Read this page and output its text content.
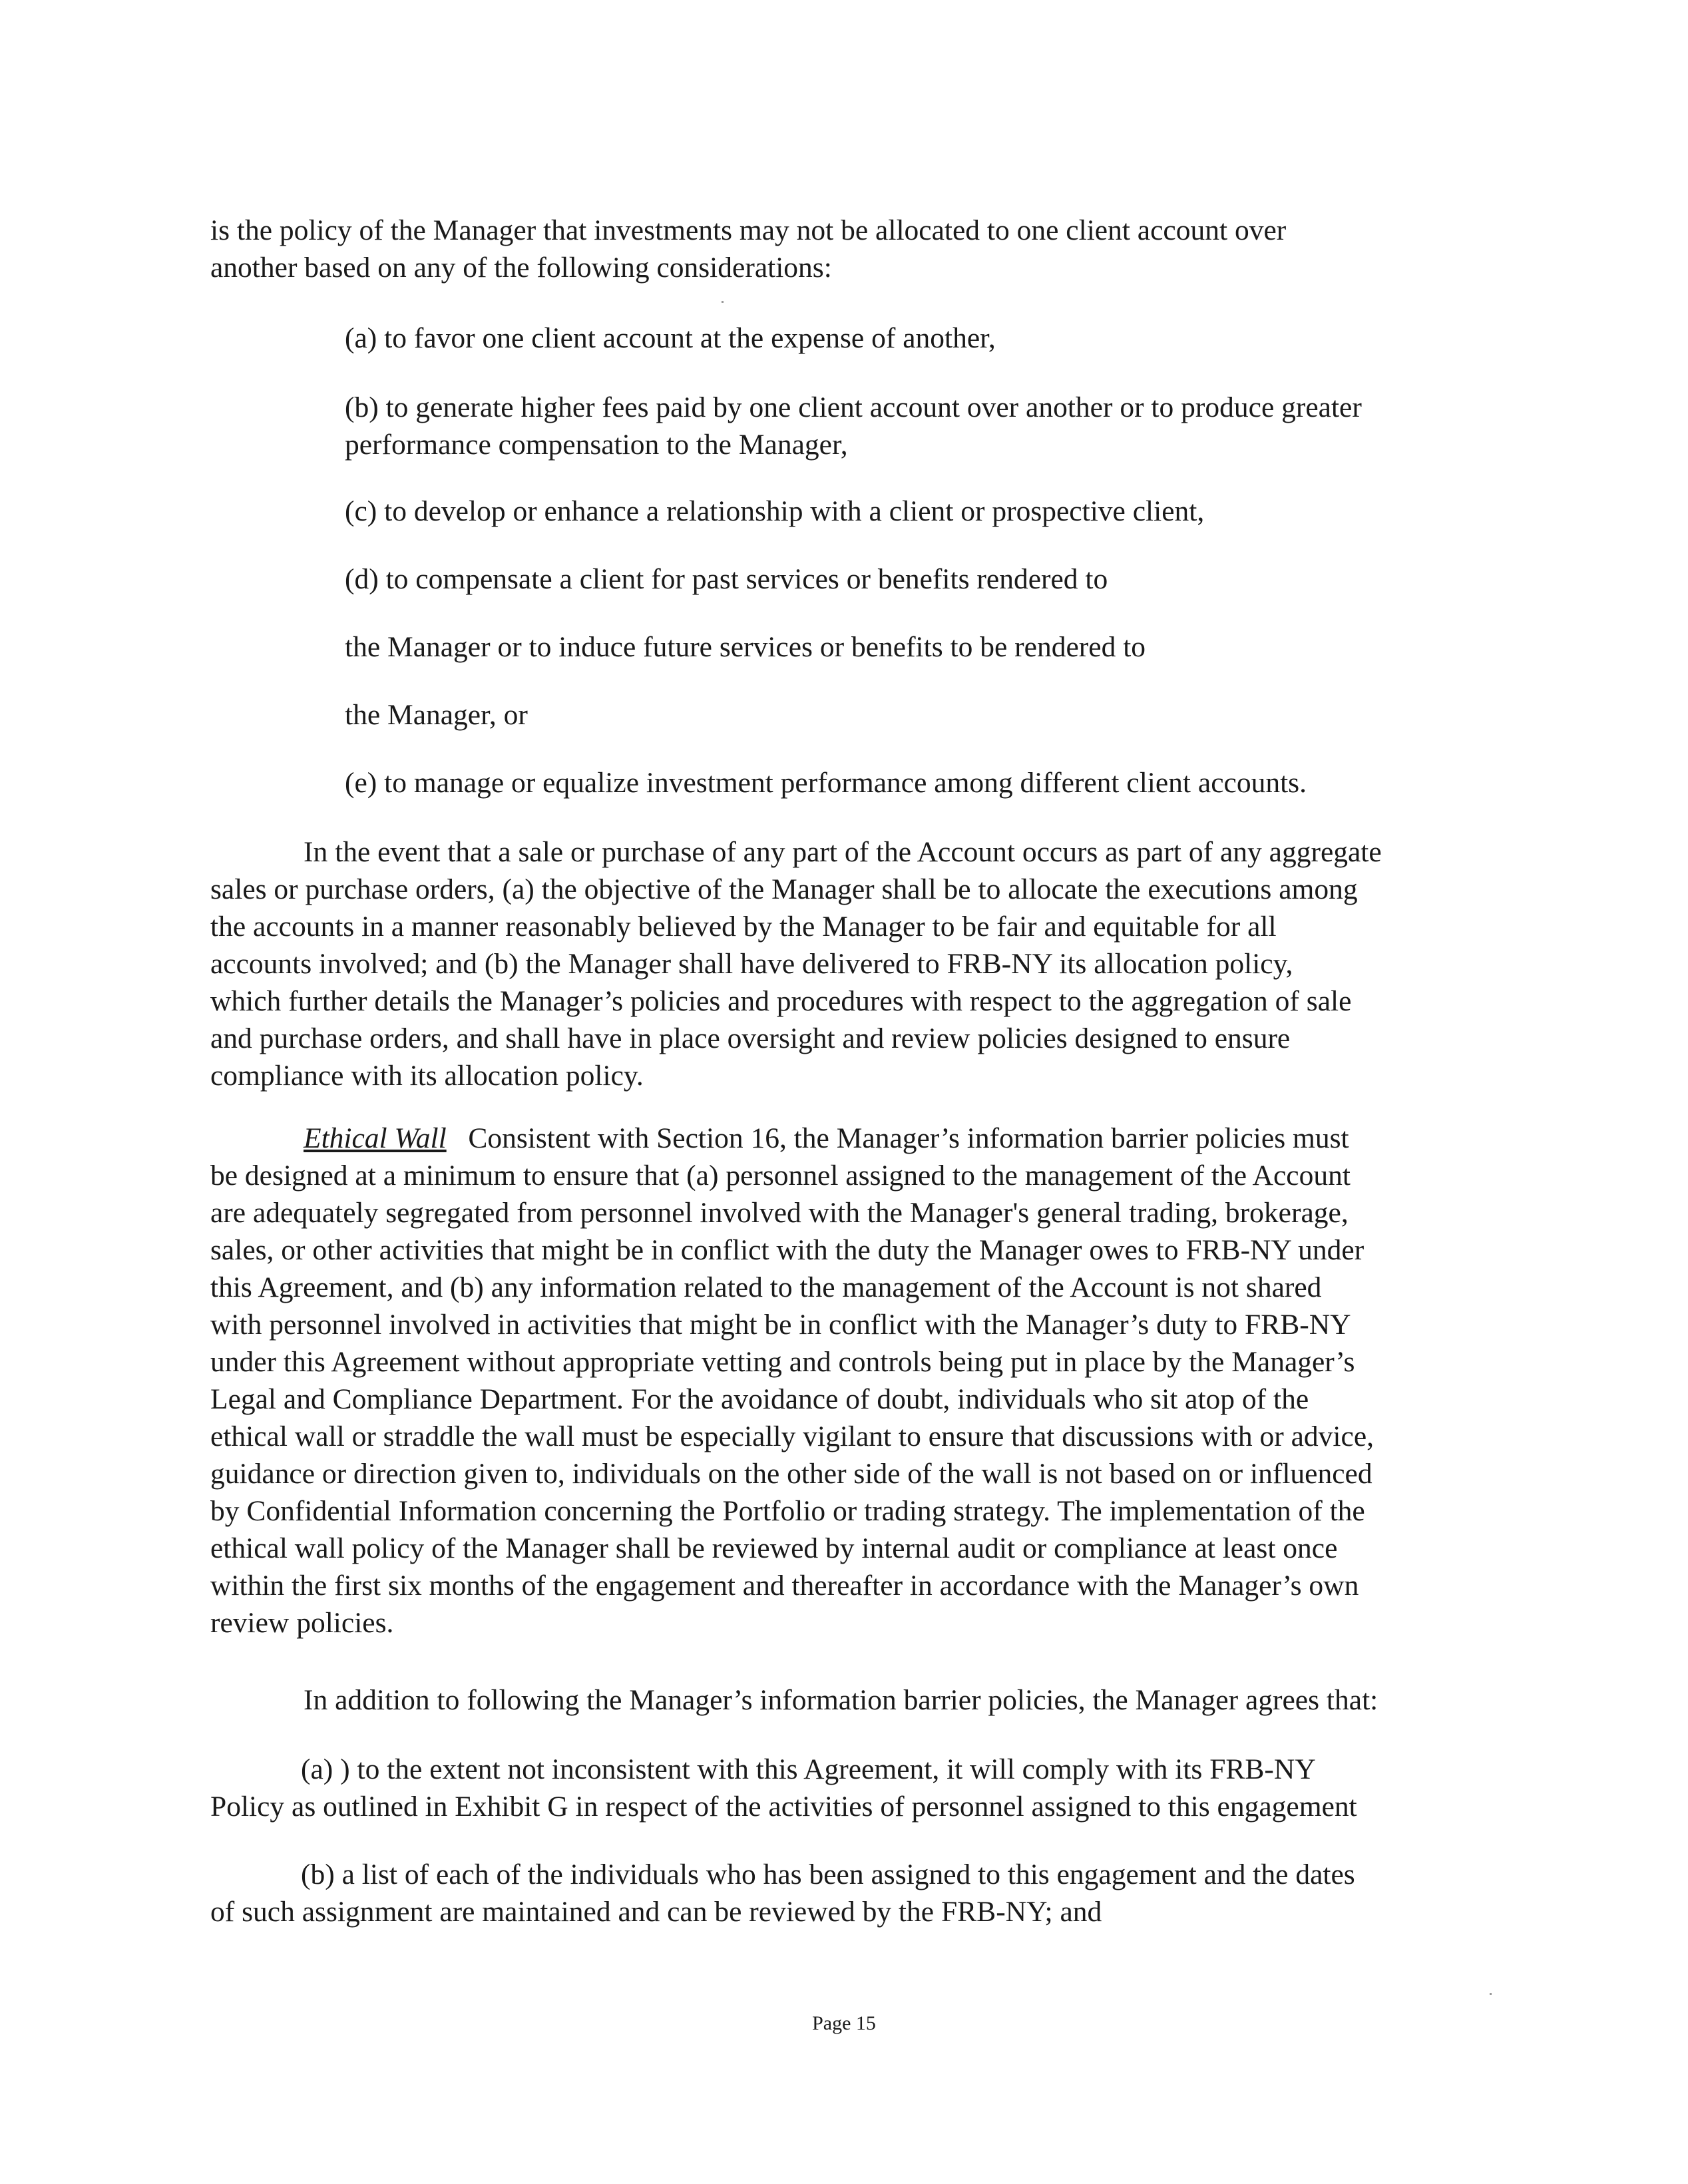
is the policy of the Manager that investments may not be allocated to one client account over
another based on any of the following considerations:
(a) to favor one client account at the expense of another,
(b) to generate higher fees paid by one client account over another or to produce greater
performance compensation to the Manager,
(c) to develop or enhance a relationship with a client or prospective client,
(d) to compensate a client for past services or benefits rendered to
the Manager or to induce future services or benefits to be rendered to
the Manager, or
(e) to manage or equalize investment performance among different client accounts.
In the event that a sale or purchase of any part of the Account occurs as part of any aggregate
sales or purchase orders, (a) the objective of the Manager shall be to allocate the executions among
the accounts in a manner reasonably believed by the Manager to be fair and equitable for all
accounts involved; and (b) the Manager shall have delivered to FRB-NY its allocation policy,
which further details the Manager’s policies and procedures with respect to the aggregation of sale
and purchase orders, and shall have in place oversight and review policies designed to ensure
compliance with its allocation policy.
Ethical Wall Consistent with Section 16, the Manager’s information barrier policies must
be designed at a minimum to ensure that (a) personnel assigned to the management of the Account
are adequately segregated from personnel involved with the Manager's general trading, brokerage,
sales, or other activities that might be in conflict with the duty the Manager owes to FRB-NY under
this Agreement, and (b) any information related to the management of the Account is not shared
with personnel involved in activities that might be in conflict with the Manager’s duty to FRB-NY
under this Agreement without appropriate vetting and controls being put in place by the Manager’s
Legal and Compliance Department. For the avoidance of doubt, individuals who sit atop of the
ethical wall or straddle the wall must be especially vigilant to ensure that discussions with or advice,
guidance or direction given to, individuals on the other side of the wall is not based on or influenced
by Confidential Information concerning the Portfolio or trading strategy. The implementation of the
ethical wall policy of the Manager shall be reviewed by internal audit or compliance at least once
within the first six months of the engagement and thereafter in accordance with the Manager’s own
review policies.
In addition to following the Manager’s information barrier policies, the Manager agrees that:
(a) ) to the extent not inconsistent with this Agreement, it will comply with its FRB-NY
Policy as outlined in Exhibit G in respect of the activities of personnel assigned to this engagement
(b) a list of each of the individuals who has been assigned to this engagement and the dates
of such assignment are maintained and can be reviewed by the FRB-NY; and
Page 15
